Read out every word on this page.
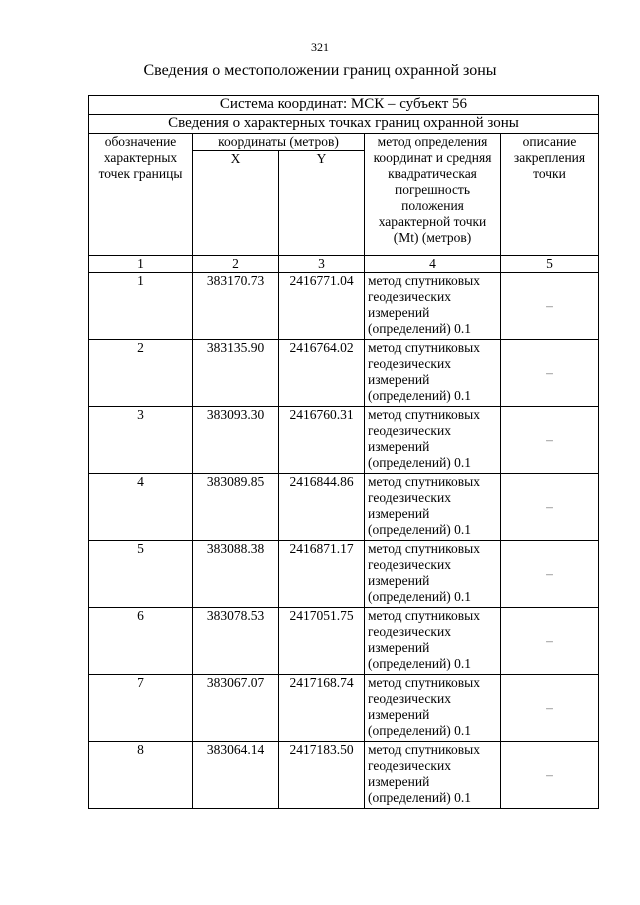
321
Сведения о местоположении границ охранной зоны
Система координат: МСК – субъект 56				
Сведения о характерных точках границ охранной зоны				
обозначение характерных точек границы	координаты (метров)		метод определения координат и средняя квадратическая погрешность положения характерной точки (Mt) (метров)	описание закрепления точки
	X	Y		
1	2	3	4	5
1	383170.73	2416771.04	метод спутниковых геодезических измерений (определений) 0.1	–
2	383135.90	2416764.02	метод спутниковых геодезических измерений (определений) 0.1	–
3	383093.30	2416760.31	метод спутниковых геодезических измерений (определений) 0.1	–
4	383089.85	2416844.86	метод спутниковых геодезических измерений (определений) 0.1	–
5	383088.38	2416871.17	метод спутниковых геодезических измерений (определений) 0.1	–
6	383078.53	2417051.75	метод спутниковых геодезических измерений (определений) 0.1	–
7	383067.07	2417168.74	метод спутниковых геодезических измерений (определений) 0.1	–
8	383064.14	2417183.50	метод спутниковых геодезических измерений (определений) 0.1	–
